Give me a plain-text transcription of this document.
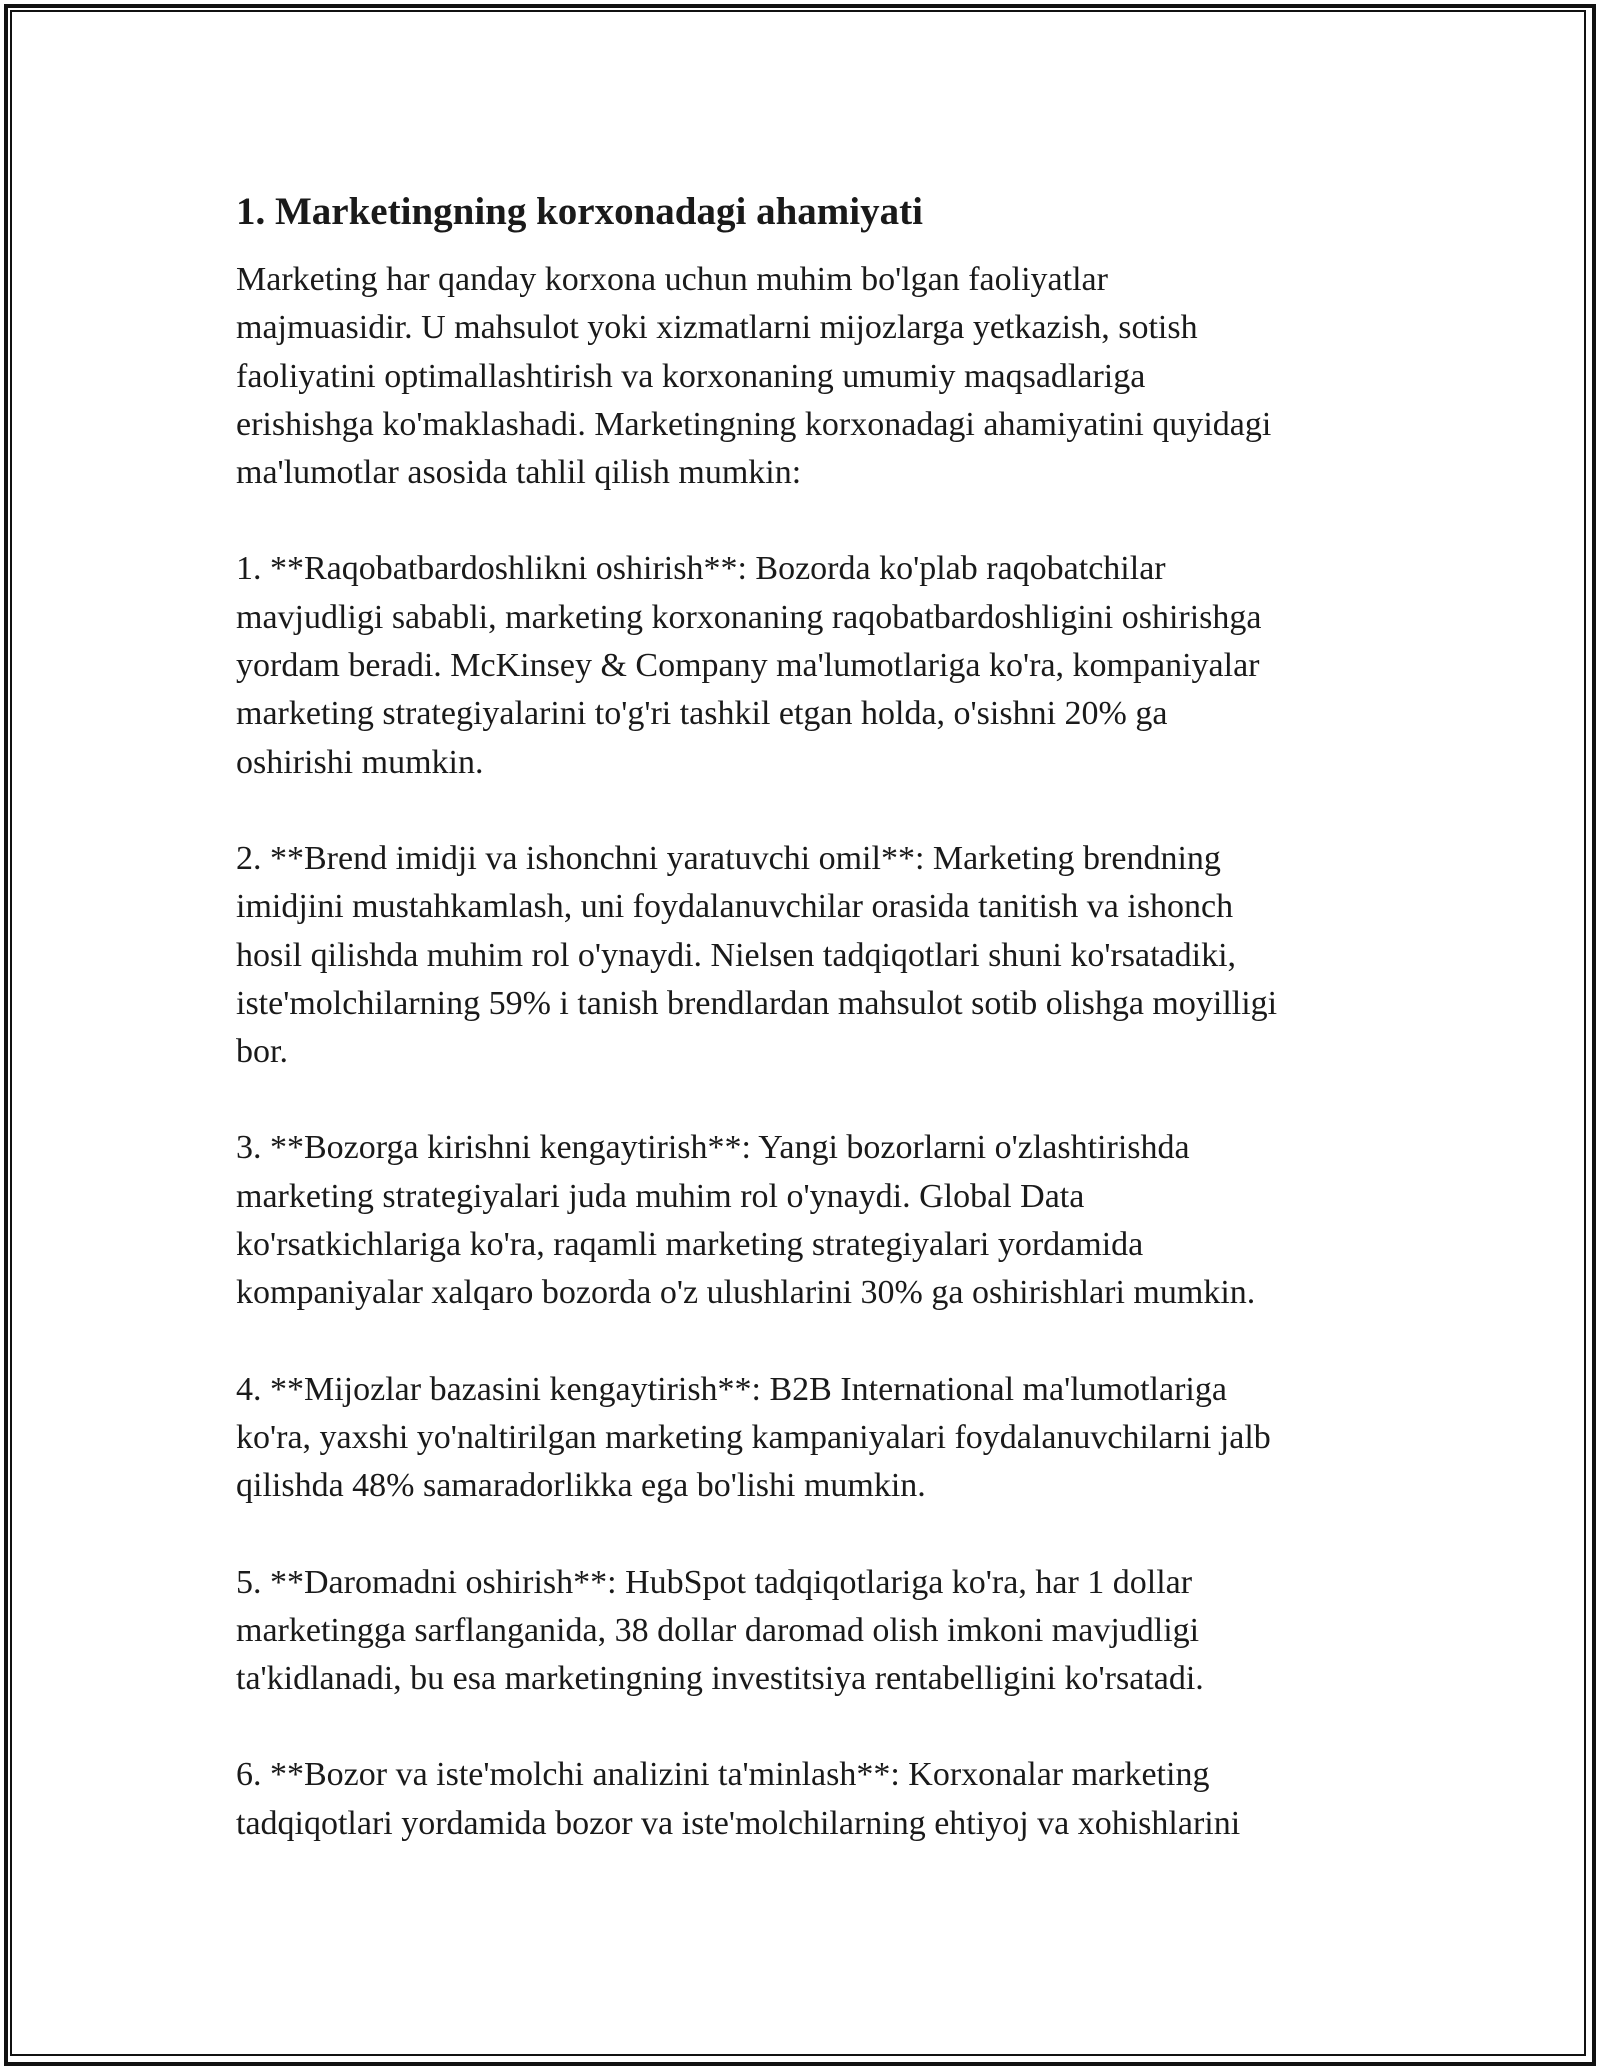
1. Marketingning korxonadagi ahamiyati

Marketing har qanday korxona uchun muhim bo'lgan faoliyatlar
majmuasidir. U mahsulot yoki xizmatlarni mijozlarga yetkazish, sotish
faoliyatini optimallashtirish va korxonaning umumiy maqsadlariga
erishishga ko'maklashadi. Marketingning korxonadagi ahamiyatini quyidagi
ma'lumotlar asosida tahlil qilish mumkin:

1. **Raqobatbardoshlikni oshirish**: Bozorda ko'plab raqobatchilar
mavjudligi sababli, marketing korxonaning raqobatbardoshligini oshirishga
yordam beradi. McKinsey & Company ma'lumotlariga ko'ra, kompaniyalar
marketing strategiyalarini to'g'ri tashkil etgan holda, o'sishni 20% ga
oshirishi mumkin.

2. **Brend imidji va ishonchni yaratuvchi omil**: Marketing brendning
imidjini mustahkamlash, uni foydalanuvchilar orasida tanitish va ishonch
hosil qilishda muhim rol o'ynaydi. Nielsen tadqiqotlari shuni ko'rsatadiki,
iste'molchilarning 59% i tanish brendlardan mahsulot sotib olishga moyilligi
bor.

3. **Bozorga kirishni kengaytirish**: Yangi bozorlarni o'zlashtirishda
marketing strategiyalari juda muhim rol o'ynaydi. Global Data
ko'rsatkichlariga ko'ra, raqamli marketing strategiyalari yordamida
kompaniyalar xalqaro bozorda o'z ulushlarini 30% ga oshirishlari mumkin.

4. **Mijozlar bazasini kengaytirish**: B2B International ma'lumotlariga
ko'ra, yaxshi yo'naltirilgan marketing kampaniyalari foydalanuvchilarni jalb
qilishda 48% samaradorlikka ega bo'lishi mumkin.

5. **Daromadni oshirish**: HubSpot tadqiqotlariga ko'ra, har 1 dollar
marketingga sarflanganida, 38 dollar daromad olish imkoni mavjudligi
ta'kidlanadi, bu esa marketingning investitsiya rentabelligini ko'rsatadi.

6. **Bozor va iste'molchi analizini ta'minlash**: Korxonalar marketing
tadqiqotlari yordamida bozor va iste'molchilarning ehtiyoj va xohishlarini
